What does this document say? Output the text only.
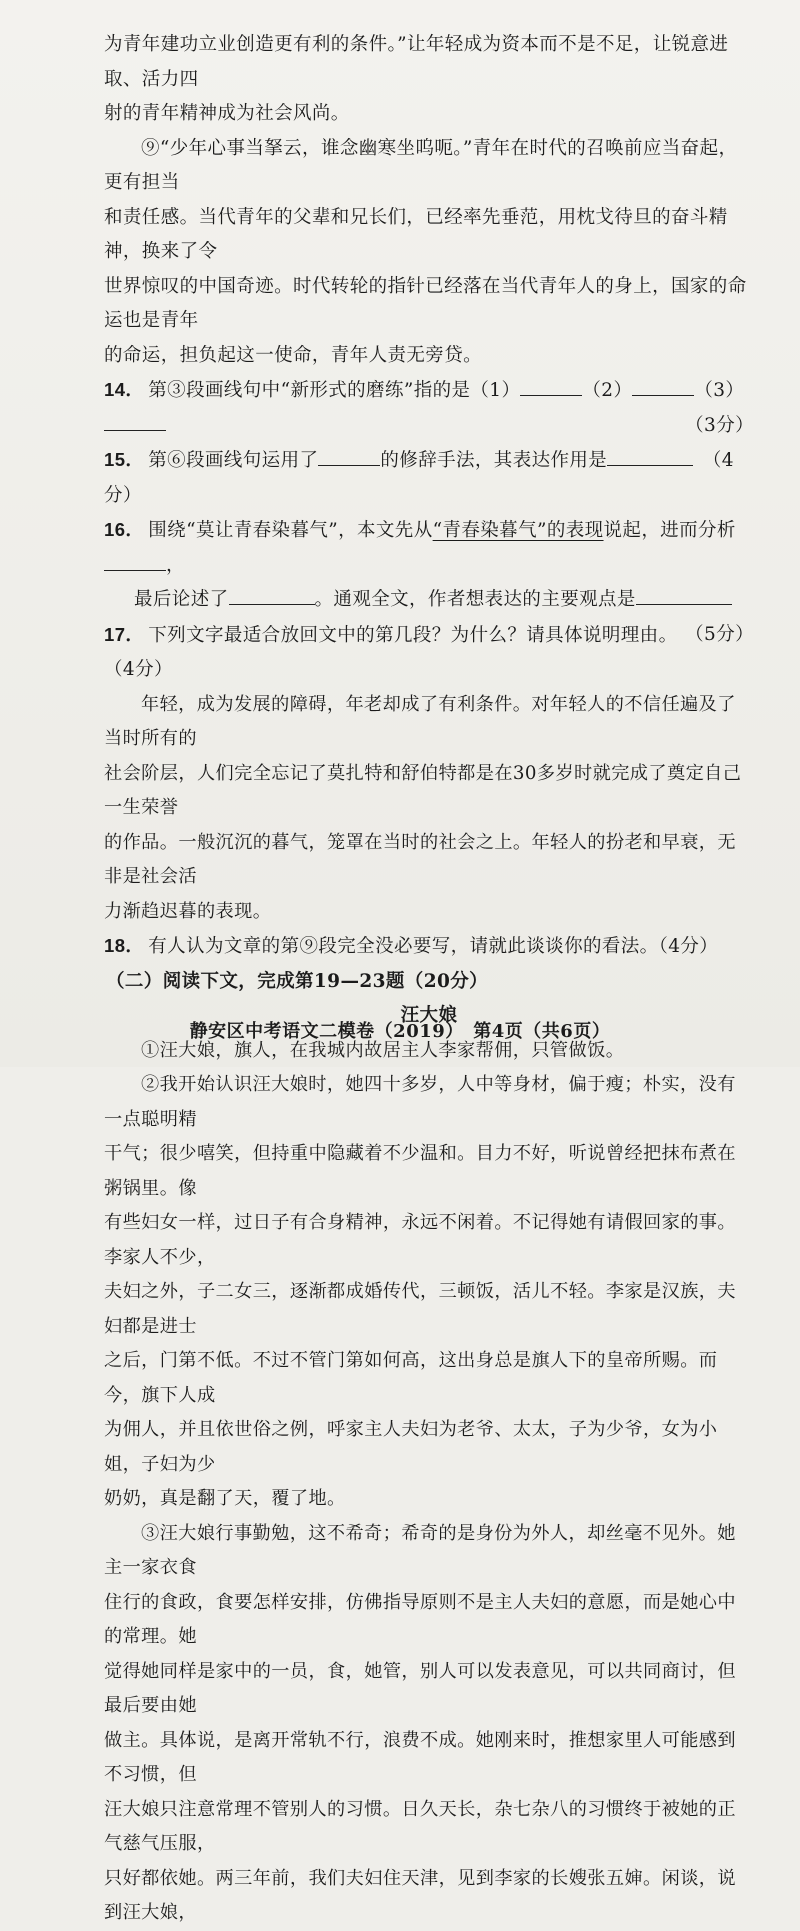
为青年建功立业创造更有利的条件。”让年轻成为资本而不是不足，让锐意进取、活力四

射的青年精神成为社会风尚。

⑨“少年心事当拏云，谁念幽寒坐呜呃。”青年在时代的召唤前应当奋起，更有担当

和责任感。当代青年的父辈和兄长们，已经率先垂范，用枕戈待旦的奋斗精神，换来了令

世界惊叹的中国奇迹。时代转轮的指针已经落在当代青年人的身上，国家的命运也是青年

的命运，担负起这一使命，青年人责无旁贷。

14． 第③段画线句中“新形式的磨练”指的是（1）	（2）	（3）
（3分）

15． 第⑥段画线句运用了	的修辞手法，其表达作用是　	（4分）

16． 围绕“莫让青春染暮气”，本文先从“青春染暮气”的表现说起，进而分析，

最后论述了	。通观全文，作者想表达的主要观点是
（5分）

17． 下列文字最适合放回文中的第几段？为什么？请具体说明理由。（4分）

年轻，成为发展的障碍，年老却成了有利条件。对年轻人的不信任遍及了当时所有的

社会阶层，人们完全忘记了莫扎特和舒伯特都是在30多岁时就完成了奠定自己一生荣誉

的作品。一般沉沉的暮气，笼罩在当时的社会之上。年轻人的扮老和早衰，无非是社会活

力渐趋迟暮的表现。

18． 有人认为文章的第⑨段完全没必要写，请就此谈谈你的看法。（4分）

（二）阅读下文，完成第19—23题（20分）

汪大娘

①汪大娘，旗人，在我城内故居主人李家帮佣，只管做饭。

②我开始认识汪大娘时，她四十多岁，人中等身材，偏于瘦；朴实，没有一点聪明精

干气；很少嘻笑，但持重中隐藏着不少温和。目力不好，听说曾经把抹布煮在粥锅里。像

有些妇女一样，过日子有合身精神，永远不闲着。不记得她有请假回家的事。李家人不少，

夫妇之外，子二女三，逐渐都成婚传代，三顿饭，活儿不轻。李家是汉族，夫妇都是进士

之后，门第不低。不过不管门第如何高，这出身总是旗人下的皇帝所赐。而今，旗下人成

为佣人，并且依世俗之例，呼家主人夫妇为老爷、太太，子为少爷，女为小姐，子妇为少

奶奶，真是翻了天，覆了地。

③汪大娘行事勤勉，这不希奇；希奇的是身份为外人，却丝毫不见外。她主一家衣食

住行的食政，食要怎样安排，仿佛指导原则不是主人夫妇的意愿，而是她心中的常理。她

觉得她同样是家中的一员，食，她管，别人可以发表意见，可以共同商讨，但最后要由她

做主。具体说，是离开常轨不行，浪费不成。她刚来时，推想家里人可能感到不习惯，但

汪大娘只注意常理不管别人的习惯。日久天长，杂七杂八的习惯终于被她的正气慈气压服，

只好都依她。两三年前，我们夫妇住天津，见到李家的长嫂张五婶。闲谈，说到汪大娘，

静安区中考语文二模卷（2019）　第4页（共6页）
